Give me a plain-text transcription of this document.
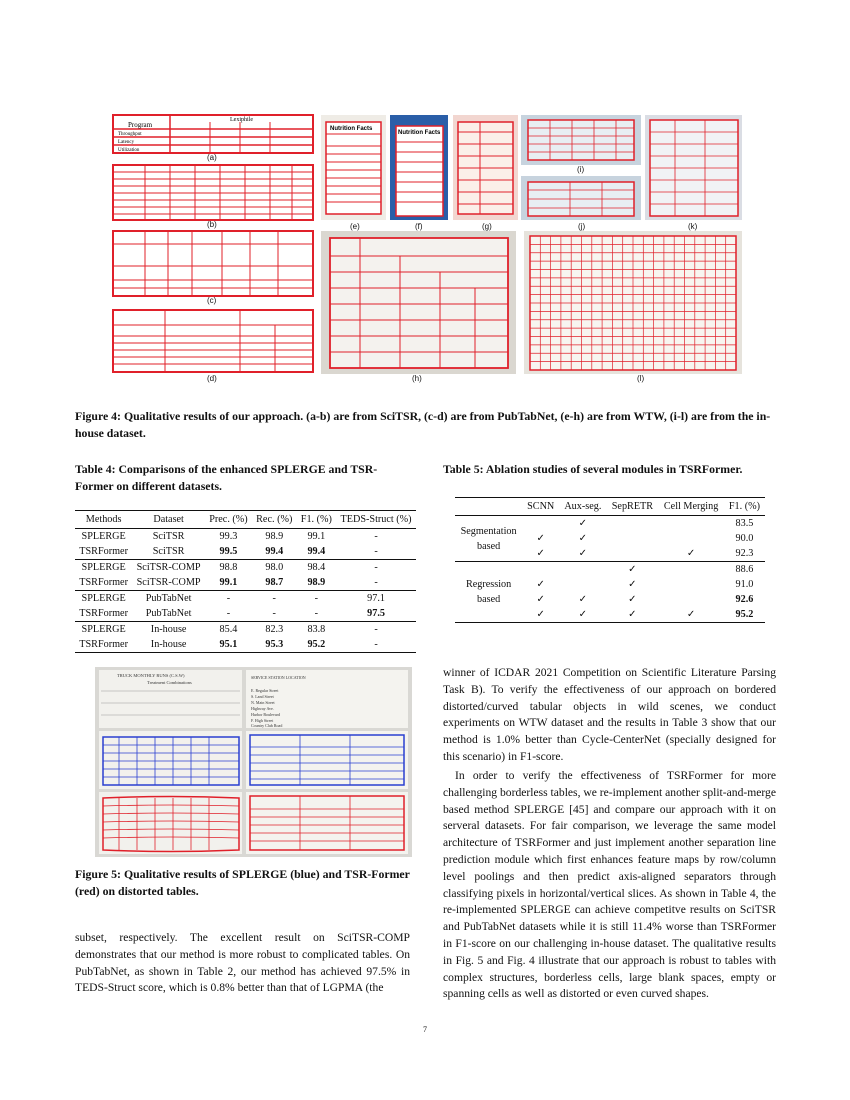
Program
Lexiphile
Throughput
Latency
Utilization
Nutrition Facts
Nutrition Facts
(a)
(b)
(c)
(d)
(e)	(f)	(g)
(h)
(i)
(j)	(k)
(l)
Figure 4: Qualitative results of our approach. (a-b) are from SciTSR, (c-d) are from PubTabNet, (e-h) are from WTW, (i-l) are from the in-house dataset.
Table 4: Comparisons of the enhanced SPLERGE and TSR-Former on different datasets.
Methods	Dataset	Prec. (%)	Rec. (%)	F1. (%)	TEDS-Struct (%)
SPLERGE	SciTSR	99.3	98.9	99.1	-
TSRFormer	SciTSR	99.5	99.4	99.4	-
SPLERGE	SciTSR-COMP	98.8	98.0	98.4	-
TSRFormer	SciTSR-COMP	99.1	98.7	98.9	-
SPLERGE	PubTabNet	-	-	-	97.1
TSRFormer	PubTabNet	-	-	-	97.5
SPLERGE	In-house	85.4	82.3	83.8	-
TSRFormer	In-house	95.1	95.3	95.2	-
Table 5: Ablation studies of several modules in TSRFormer.
	SCNN	Aux-seg.	SepRETR	Cell Merging	F1. (%)
Segmentation
based		✓			83.5
	✓	✓			90.0
	✓	✓		✓	92.3
Regression
based			✓		88.6
	✓		✓		91.0
	✓	✓	✓		92.6
	✓	✓	✓	✓	95.2
TRUCK MONTHLY RUNS (C.S.W)
Treatment Combinations
SERVICE STATION LOCATION
E. Regular Street
S. Land Street
N. Main Street
Highway Ave.
Harbor Boulevard
F. High Street
Country Club Road
Figure 5: Qualitative results of SPLERGE (blue) and TSR-Former (red) on distorted tables.
subset, respectively. The excellent result on SciTSR-COMP demonstrates that our method is more robust to complicated tables. On PubTabNet, as shown in Table 2, our method has achieved 97.5% in TEDS-Struct score, which is 0.8% better than that of LGPMA (the
winner of ICDAR 2021 Competition on Scientific Literature Parsing Task B). To verify the effectiveness of our approach on bordered distorted/curved tabular objects in wild scenes, we conduct experiments on WTW dataset and the results in Table 3 show that our method is 1.0% better than Cycle-CenterNet (specially designed for this scenario) in F1-score.
In order to verify the effectiveness of TSRFormer for more challenging borderless tables, we re-implement another split-and-merge based method SPLERGE [45] and compare our approach with it on serveral datasets. For fair comparison, we leverage the same model architecture of TSRFormer and just implement another separation line prediction module which first enhances feature maps by row/column level poolings and then predict axis-aligned separators through classifying pixels in horizontal/vertical slices. As shown in Table 4, the re-implemented SPLERGE can achieve competitve results on SciTSR and PubTabNet datasets while it is still 11.4% worse than TSRFormer in F1-score on our challenging in-house dataset. The qualitative results in Fig. 5 and Fig. 4 illustrate that our approach is robust to tables with complex structures, borderless cells, large blank spaces, empty or spanning cells as well as distorted or even curved shapes.
7
